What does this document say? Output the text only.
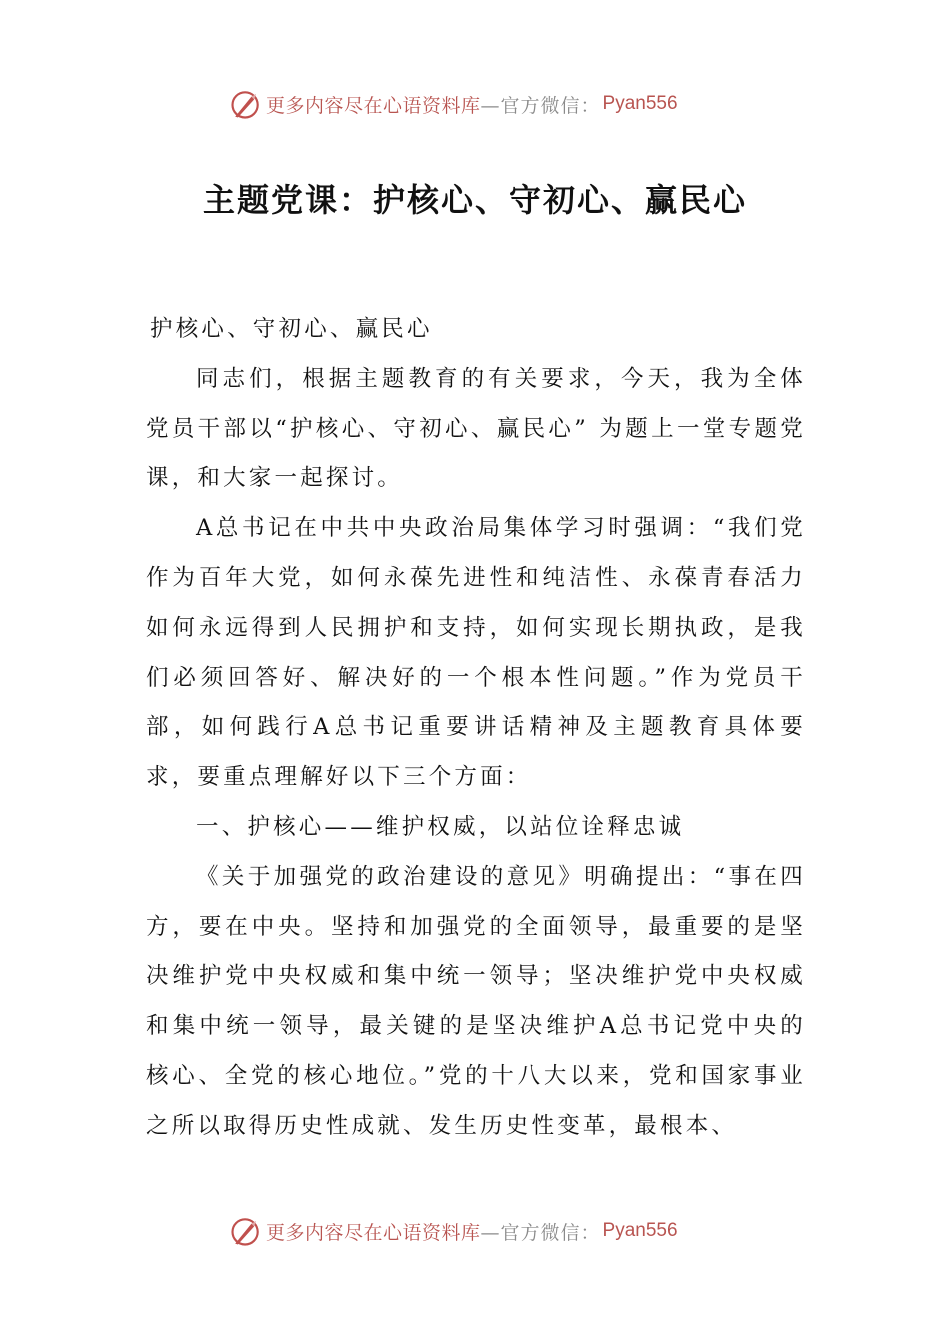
更多内容尽在心语资料库 —官方微信： Pyan556
主题党课：护核心、守初心、赢民心

护核心、守初心、赢民心

同志们，根据主题教育的有关要求，今天，我为全体党员干部以“护核心、守初心、赢民心” 为题上一堂专题党课，和大家一起探讨。

A总书记在中共中央政治局集体学习时强调：“我们党作为百年大党，如何永葆先进性和纯洁性、永葆青春活力如何永远得到人民拥护和支持，如何实现长期执政，是我们必须回答好、解决好的一个根本性问题。”作为党员干部，如何践行A总书记重要讲话精神及主题教育具体要求，要重点理解好以下三个方面：

一、护核心——维护权威，以站位诠释忠诚

《关于加强党的政治建设的意见》明确提出：“事在四方，要在中央。坚持和加强党的全面领导，最重要的是坚决维护党中央权威和集中统一领导；坚决维护党中央权威和集中统一领导，最关键的是坚决维护A总书记党中央的核心、全党的核心地位。”党的十八大以来，党和国家事业之所以取得历史性成就、发生历史性变革，最根本、

更多内容尽在心语资料库 —官方微信： Pyan556
